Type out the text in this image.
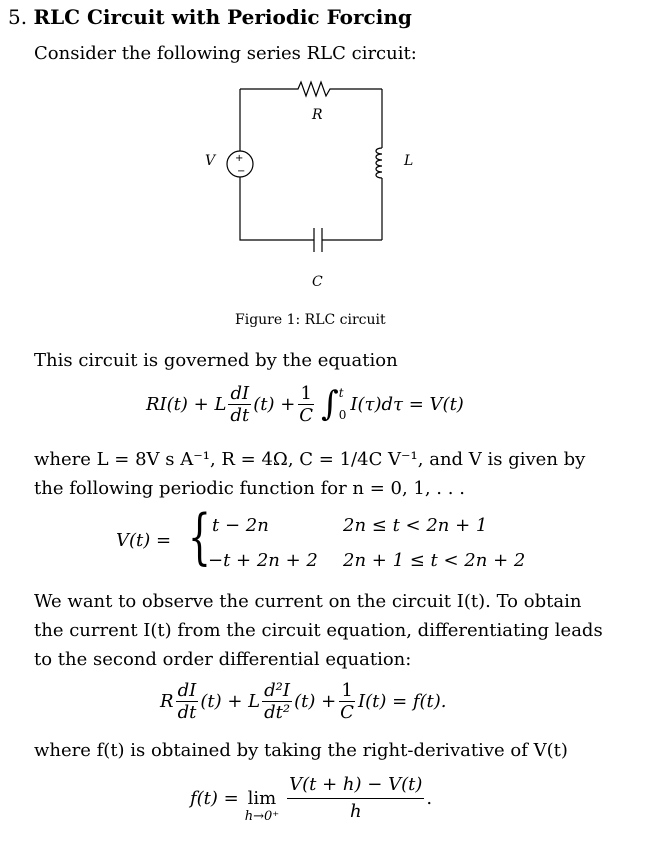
5. RLC Circuit with Periodic Forcing
Consider the following series RLC circuit:
+
−
R
V	L
C
Figure 1: RLC circuit
This circuit is governed by the equation
RI(t) + L $\frac{dI}{dt} (t) + \frac{1}{C}$ ∫ t
0
I(τ)dτ = V(t)
where L = 8V s A⁻¹, R = 4Ω, C = 1/4C V⁻¹, and V is given by
the following periodic function for n = 0, 1, . . .
V(t) = { t − 2n	2n ≤ t < 2n + 1
−t + 2n + 2 2n + 1 ≤ t < 2n + 2
We want to observe the current on the circuit I(t). To obtain
the current I(t) from the circuit equation, differentiating leads
to the second order differential equation:
R $\frac{dI}{dt} (t) + L \frac{\text{d²I}}{\text{dt²}} (t) + \frac{1}{C} I(t) = f(t)$.
where f(t) is obtained by taking the right-derivative of V(t)
f(t) = lim
$h\to 0^+ \frac{V(t + h) - V(t)}{h}$ .
